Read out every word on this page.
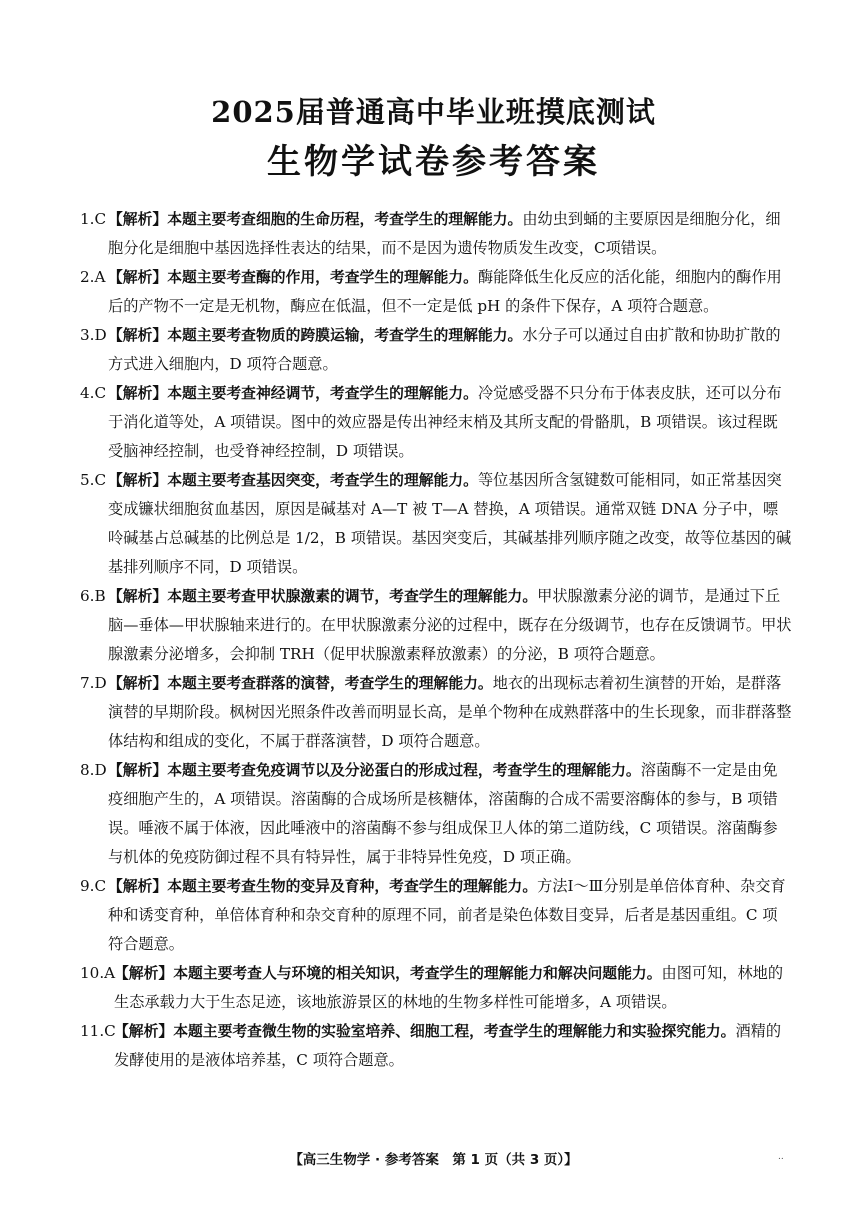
2025届普通高中毕业班摸底测试
生物学试卷参考答案
1.C 【解析】本题主要考查细胞的生命历程，考查学生的理解能力。由幼虫到蛹的主要原因是细胞分化，细胞分化是细胞中基因选择性表达的结果，而不是因为遗传物质发生改变，C项错误。
2.A 【解析】本题主要考查酶的作用，考查学生的理解能力。酶能降低生化反应的活化能，细胞内的酶作用后的产物不一定是无机物，酶应在低温，但不一定是低 pH 的条件下保存，A 项符合题意。
3.D 【解析】本题主要考查物质的跨膜运输，考查学生的理解能力。水分子可以通过自由扩散和协助扩散的方式进入细胞内，D 项符合题意。
4.C 【解析】本题主要考查神经调节，考查学生的理解能力。冷觉感受器不只分布于体表皮肤，还可以分布于消化道等处，A 项错误。图中的效应器是传出神经末梢及其所支配的骨骼肌，B 项错误。该过程既受脑神经控制，也受脊神经控制，D 项错误。
5.C 【解析】本题主要考查基因突变，考查学生的理解能力。等位基因所含氢键数可能相同，如正常基因突变成镰状细胞贫血基因，原因是碱基对 A—T 被 T—A 替换，A 项错误。通常双链 DNA 分子中，嘌呤碱基占总碱基的比例总是 1/2，B 项错误。基因突变后，其碱基排列顺序随之改变，故等位基因的碱基排列顺序不同，D 项错误。
6.B 【解析】本题主要考查甲状腺激素的调节，考查学生的理解能力。甲状腺激素分泌的调节，是通过下丘脑—垂体—甲状腺轴来进行的。在甲状腺激素分泌的过程中，既存在分级调节，也存在反馈调节。甲状腺激素分泌增多，会抑制 TRH（促甲状腺激素释放激素）的分泌，B 项符合题意。
7.D 【解析】本题主要考查群落的演替，考查学生的理解能力。地衣的出现标志着初生演替的开始，是群落演替的早期阶段。枫树因光照条件改善而明显长高，是单个物种在成熟群落中的生长现象，而非群落整体结构和组成的变化，不属于群落演替，D 项符合题意。
8.D 【解析】本题主要考查免疫调节以及分泌蛋白的形成过程，考查学生的理解能力。溶菌酶不一定是由免疫细胞产生的，A 项错误。溶菌酶的合成场所是核糖体，溶菌酶的合成不需要溶酶体的参与，B 项错误。唾液不属于体液，因此唾液中的溶菌酶不参与组成保卫人体的第二道防线，C 项错误。溶菌酶参与机体的免疫防御过程不具有特异性，属于非特异性免疫，D 项正确。
9.C 【解析】本题主要考查生物的变异及育种，考查学生的理解能力。方法Ⅰ～Ⅲ分别是单倍体育种、杂交育种和诱变育种，单倍体育种和杂交育种的原理不同，前者是染色体数目变异，后者是基因重组。C 项符合题意。
10.A
【解析】本题主要考查人与环境的相关知识，考查学生的理解能力和解决问题能力。由图可知，林地的生态承载力大于生态足迹，该地旅游景区的林地的生物多样性可能增多，A 项错误。
11.C
【解析】本题主要考查微生物的实验室培养、细胞工程，考查学生的理解能力和实验探究能力。酒精的发酵使用的是液体培养基，C 项符合题意。
【高三生物学 · 参考答案　第 1 页（共 3 页）】	..
